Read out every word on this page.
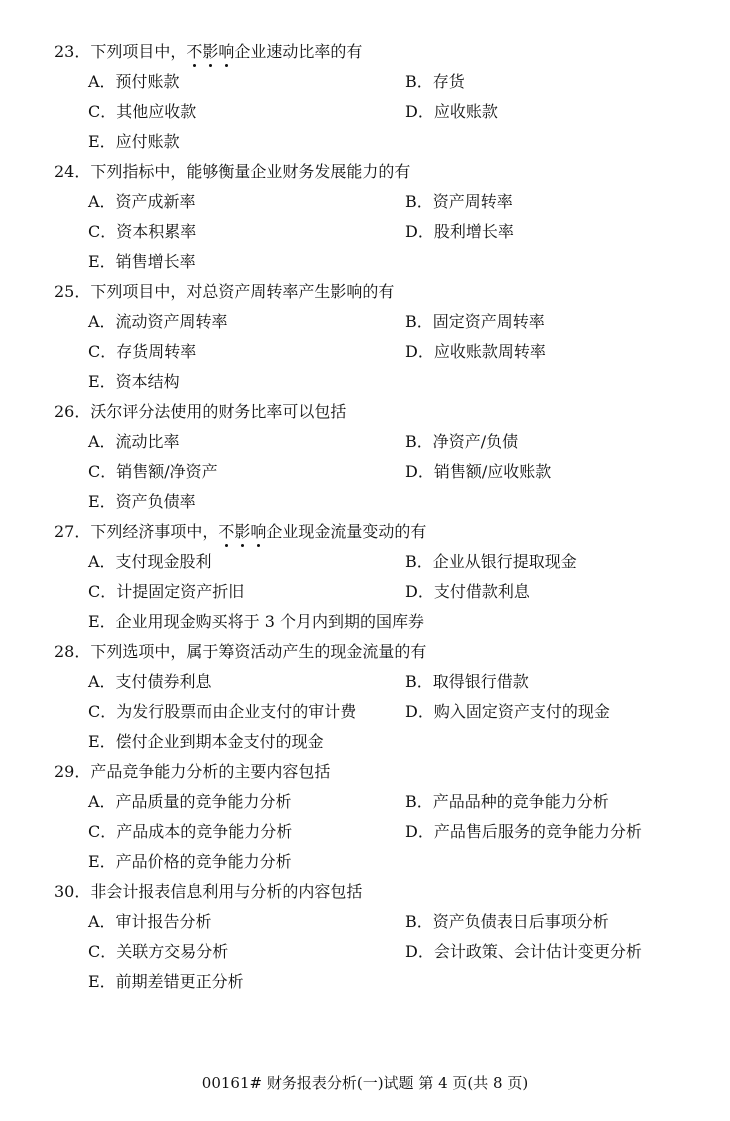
23．下列项目中，不影响企业速动比率的有
A．预付账款	B．存货
C．其他应收款	D．应收账款
E．应付账款
24．下列指标中，能够衡量企业财务发展能力的有
A．资产成新率	B．资产周转率
C．资本积累率	D．股利增长率
E．销售增长率
25．下列项目中，对总资产周转率产生影响的有
A．流动资产周转率	B．固定资产周转率
C．存货周转率	D．应收账款周转率
E．资本结构
26．沃尔评分法使用的财务比率可以包括
A．流动比率	B．净资产/负债
C．销售额/净资产	D．销售额/应收账款
E．资产负债率
27．下列经济事项中，不影响企业现金流量变动的有
A．支付现金股利	B．企业从银行提取现金
C．计提固定资产折旧	D．支付借款利息
E．企业用现金购买将于 3 个月内到期的国库券
28．下列选项中，属于筹资活动产生的现金流量的有
A．支付债券利息	B．取得银行借款
C．为发行股票而由企业支付的审计费	D．购入固定资产支付的现金
E．偿付企业到期本金支付的现金
29．产品竞争能力分析的主要内容包括
A．产品质量的竞争能力分析	B．产品品种的竞争能力分析
C．产品成本的竞争能力分析	D．产品售后服务的竞争能力分析
E．产品价格的竞争能力分析
30．非会计报表信息利用与分析的内容包括
A．审计报告分析	B．资产负债表日后事项分析
C．关联方交易分析	D．会计政策、会计估计变更分析
E．前期差错更正分析
00161# 财务报表分析(一)试题 第 4 页(共 8 页)
